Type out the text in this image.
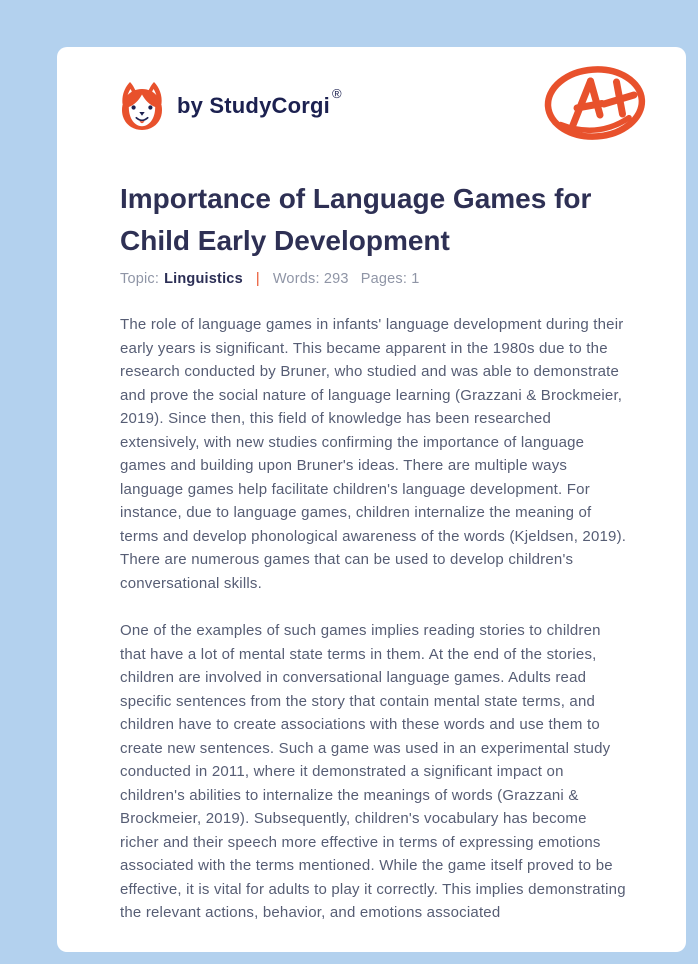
by StudyCorgi ®
Importance of Language Games for Child Early Development
Topic: Linguistics | Words: 293 Pages: 1

The role of language games in infants' language development during their early years is significant. This became apparent in the 1980s due to the research conducted by Bruner, who studied and was able to demonstrate and prove the social nature of language learning (Grazzani & Brockmeier, 2019). Since then, this field of knowledge has been researched extensively, with new studies confirming the importance of language games and building upon Bruner's ideas. There are multiple ways language games help facilitate children's language development. For instance, due to language games, children internalize the meaning of terms and develop phonological awareness of the words (Kjeldsen, 2019). There are numerous games that can be used to develop children's conversational skills.

One of the examples of such games implies reading stories to children that have a lot of mental state terms in them. At the end of the stories, children are involved in conversational language games. Adults read specific sentences from the story that contain mental state terms, and children have to create associations with these words and use them to create new sentences. Such a game was used in an experimental study conducted in 2011, where it demonstrated a significant impact on children's abilities to internalize the meanings of words (Grazzani & Brockmeier, 2019). Subsequently, children's vocabulary has become richer and their speech more effective in terms of expressing emotions associated with the terms mentioned. While the game itself proved to be effective, it is vital for adults to play it correctly. This implies demonstrating the relevant actions, behavior, and emotions associated
